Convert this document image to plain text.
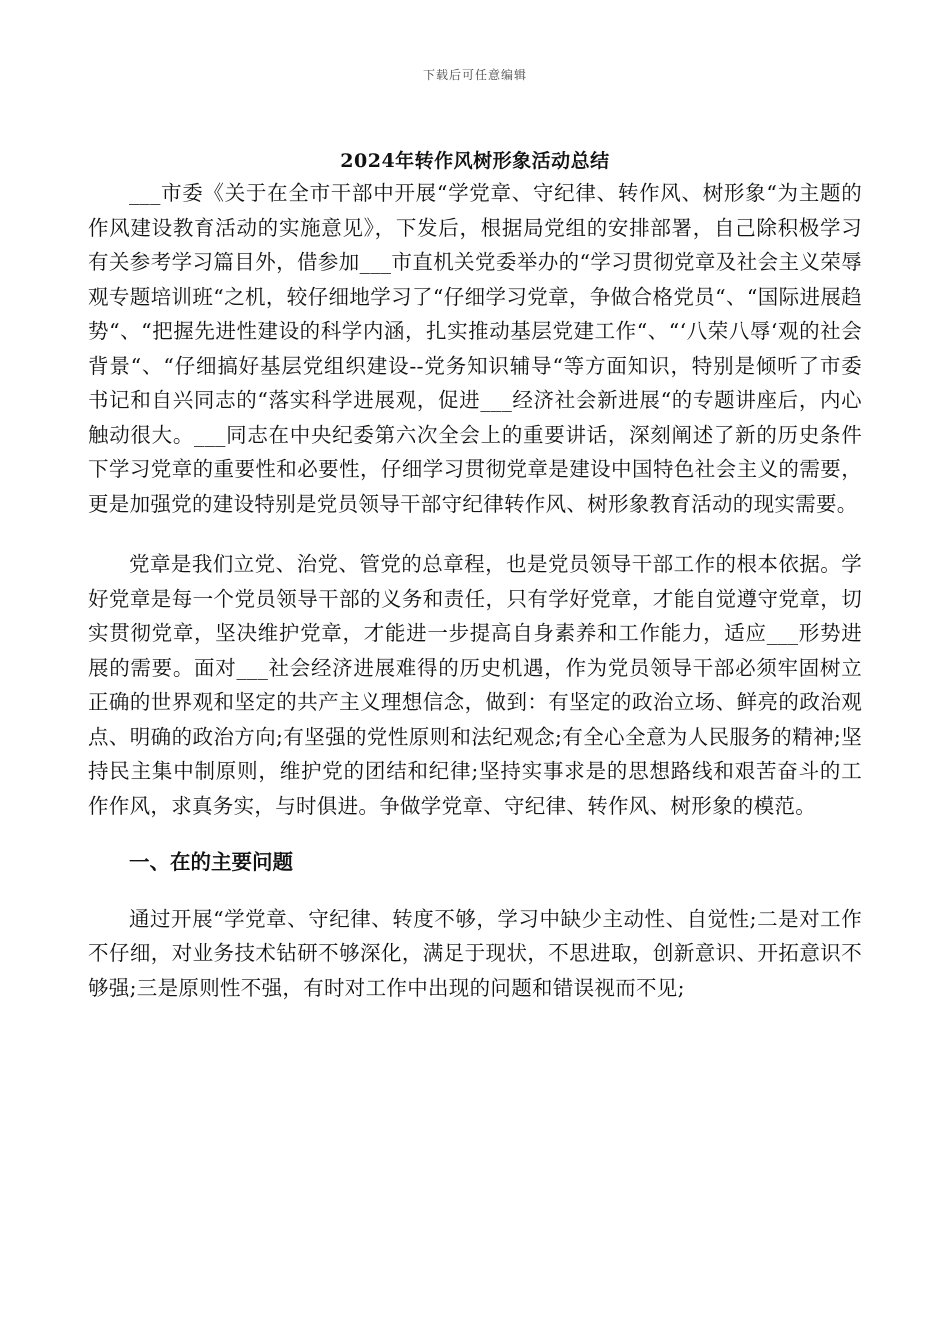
下载后可任意编辑
2024年转作风树形象活动总结

___市委《关于在全市干部中开展“学党章、守纪律、转作风、树形象“为主题的作风建设教育活动的实施意见》，下发后，根据局党组的安排部署，自己除积极学习有关参考学习篇目外，借参加___市直机关党委举办的“学习贯彻党章及社会主义荣辱观专题培训班“之机，较仔细地学习了“仔细学习党章，争做合格党员“、“国际进展趋势“、“把握先进性建设的科学内涵，扎实推动基层党建工作“、“‘八荣八辱‘观的社会背景“、“仔细搞好基层党组织建设--党务知识辅导“等方面知识，特别是倾听了市委书记和自兴同志的“落实科学进展观，促进___经济社会新进展“的专题讲座后，内心触动很大。___同志在中央纪委第六次全会上的重要讲话，深刻阐述了新的历史条件下学习党章的重要性和必要性，仔细学习贯彻党章是建设中国特色社会主义的需要，更是加强党的建设特别是党员领导干部守纪律转作风、树形象教育活动的现实需要。

党章是我们立党、治党、管党的总章程，也是党员领导干部工作的根本依据。学好党章是每一个党员领导干部的义务和责任，只有学好党章，才能自觉遵守党章，切实贯彻党章，坚决维护党章，才能进一步提高自身素养和工作能力，适应___形势进展的需要。面对___社会经济进展难得的历史机遇，作为党员领导干部必须牢固树立正确的世界观和坚定的共产主义理想信念，做到：有坚定的政治立场、鲜亮的政治观点、明确的政治方向;有坚强的党性原则和法纪观念;有全心全意为人民服务的精神;坚持民主集中制原则，维护党的团结和纪律;坚持实事求是的思想路线和艰苦奋斗的工作作风，求真务实，与时俱进。争做学党章、守纪律、转作风、树形象的模范。

一、在的主要问题

通过开展“学党章、守纪律、转度不够，学习中缺少主动性、自觉性;二是对工作不仔细，对业务技术钻研不够深化，满足于现状，不思进取，创新意识、开拓意识不够强;三是原则性不强，有时对工作中出现的问题和错误视而不见;
